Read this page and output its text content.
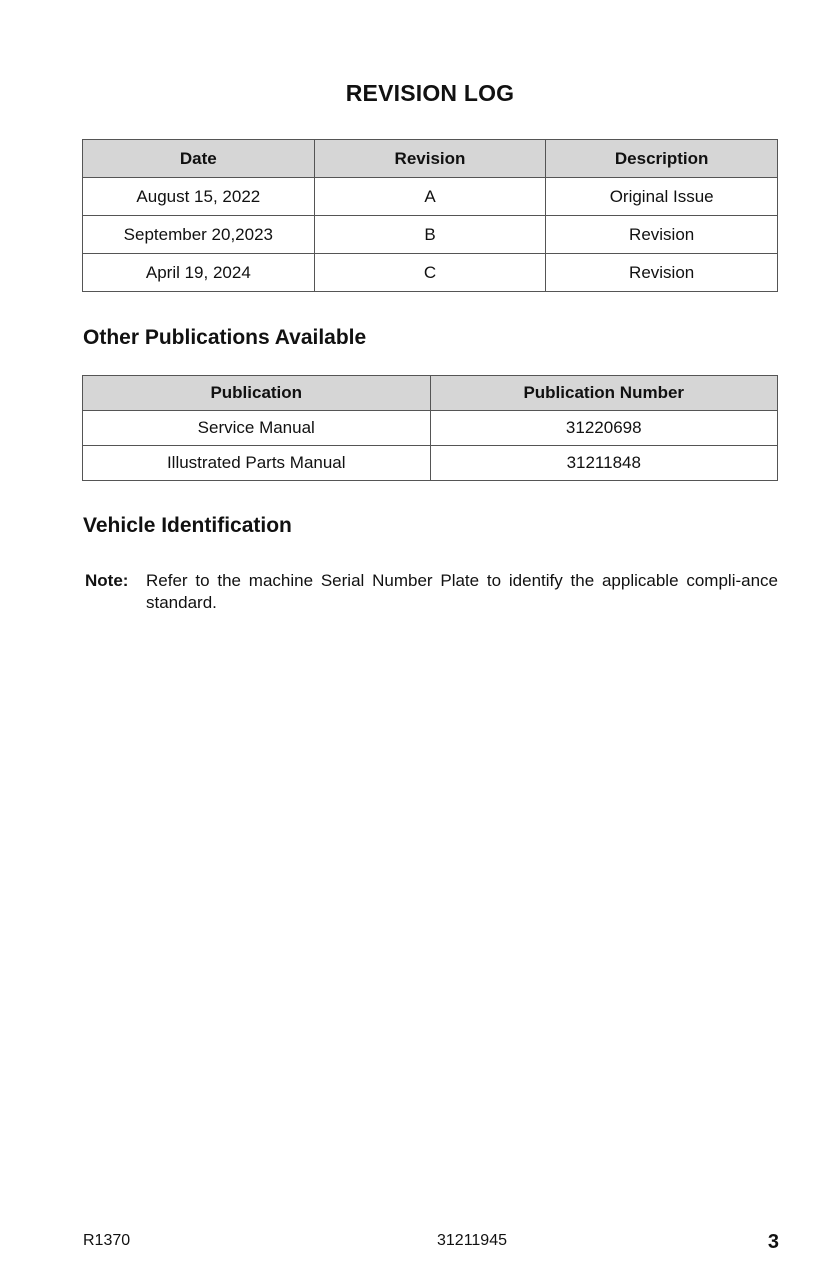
REVISION LOG
Date	Revision	Description
August 15, 2022	A	Original Issue
September 20,2023	B	Revision
April 19, 2024	C	Revision
Other Publications Available
Publication	Publication Number
Service Manual	31220698
Illustrated Parts Manual	31211848
Vehicle Identification
Note:	Refer to the machine Serial Number Plate to identify the applicable compli-ance standard.
R1370	31211945	3
